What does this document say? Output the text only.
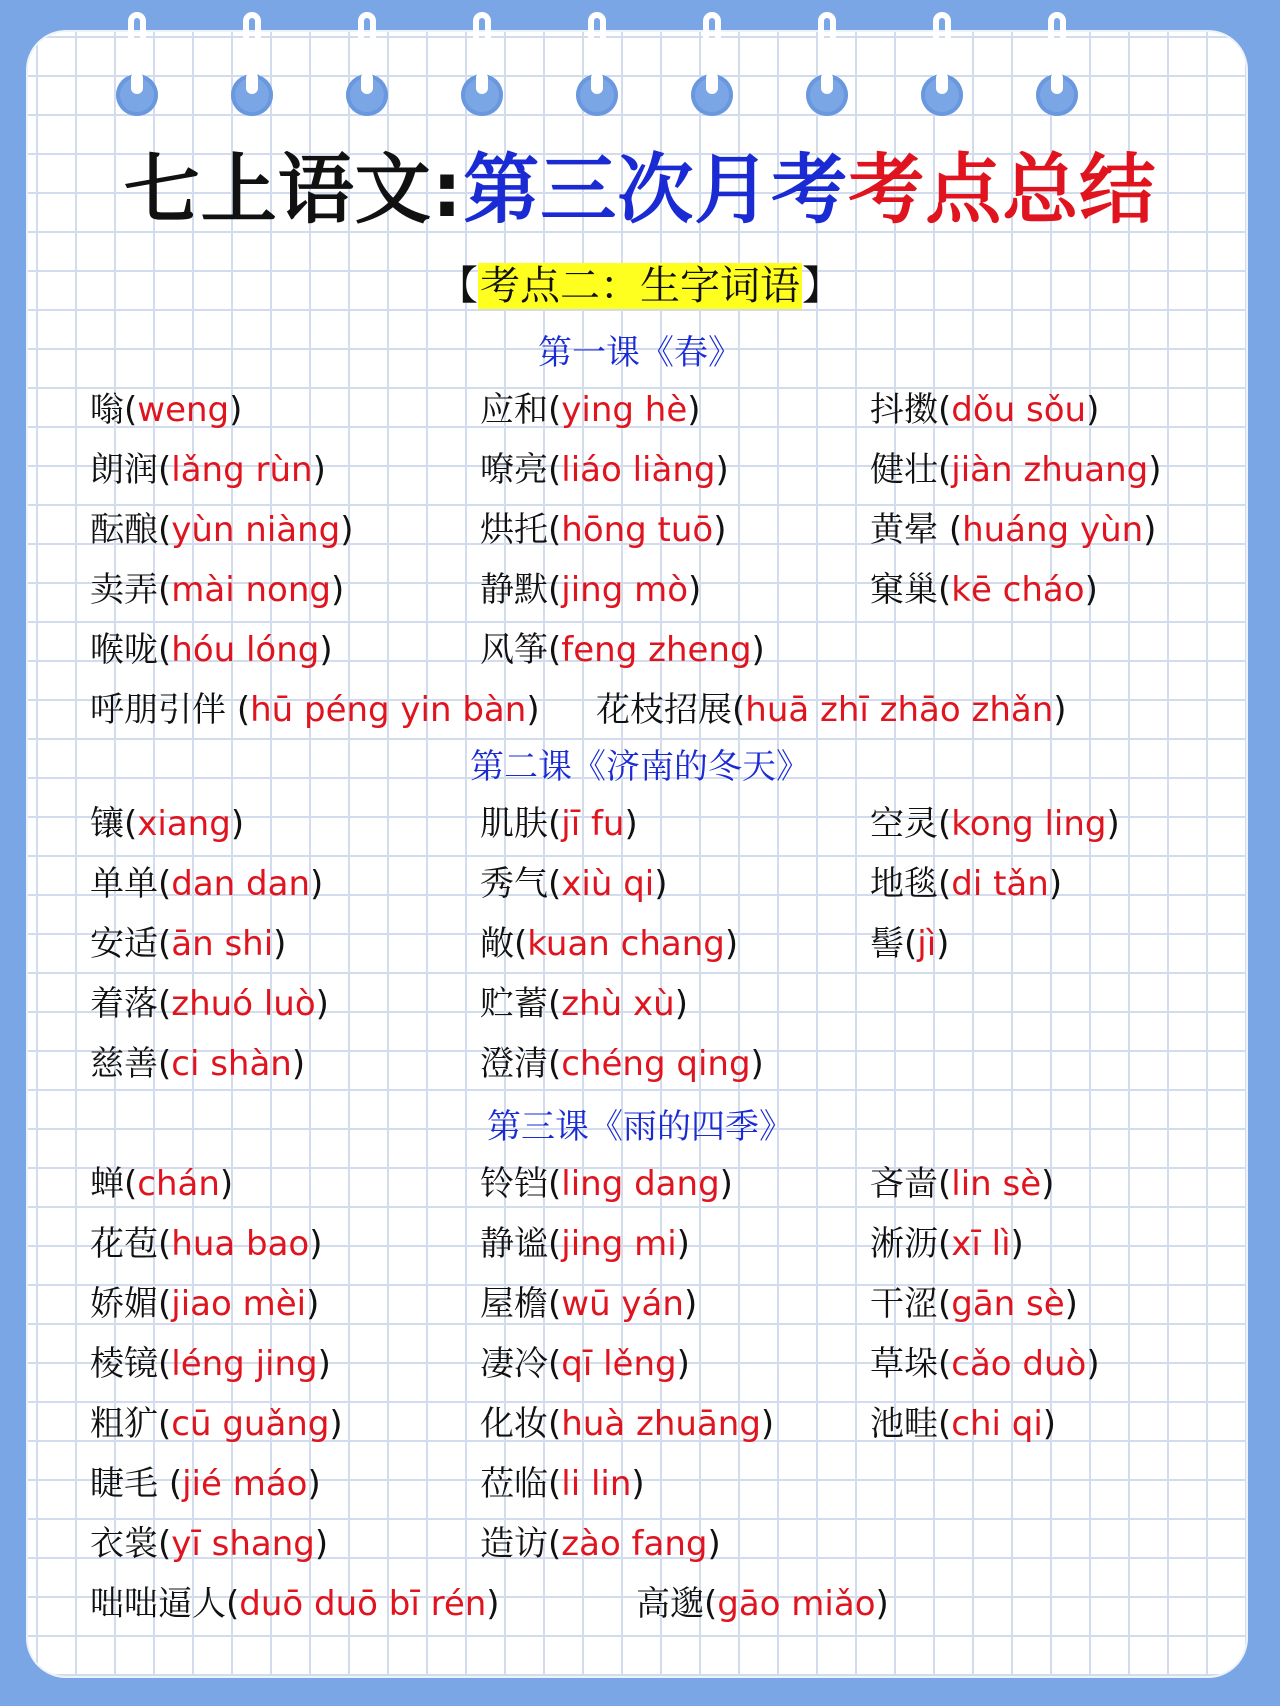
七上语文:第三次月考考点总结
【考点二：生字词语】
第一课《春》
嗡(weng)	应和(ying hè)	抖擞(dǒu sǒu)
朗润(lǎng rùn)	嘹亮(liáo liàng)	健壮(jiàn zhuang)
酝酿(yùn niàng)	烘托(hōng tuō)	黄晕 (huáng yùn)
卖弄(mài nong)	静默(jing mò)	窠巢(kē cháo)
喉咙(hóu lóng)	风筝(feng zheng)
呼朋引伴 (hū péng yin bàn) 花枝招展(huā zhī zhāo zhǎn)
第二课《济南的冬天》
镶(xiang)	肌肤(jī fu)	空灵(kong ling)
单单(dan dan)	秀气(xiù qi)	地毯(di tǎn)
安适(ān shi)	敞(kuan chang)	髻(jì)
着落(zhuó luò)	贮蓄(zhù xù)
慈善(ci shàn)	澄清(chéng qing)
第三课《雨的四季》
蝉(chán)	铃铛(ling dang)	吝啬(lin sè)
花苞(hua bao)	静谧(jing mi)	淅沥(xī lì)
娇媚(jiao mèi)	屋檐(wū yán)	干涩(gān sè)
棱镜(léng jing)	凄冷(qī lěng)	草垛(cǎo duò)
粗犷(cū guǎng)	化妆(huà zhuāng)	池畦(chi qi)
睫毛 (jié máo)	莅临(li lin)
衣裳(yī shang)	造访(zào fang)
咄咄逼人(duō duō bī rén)	高邈(gāo miǎo)
